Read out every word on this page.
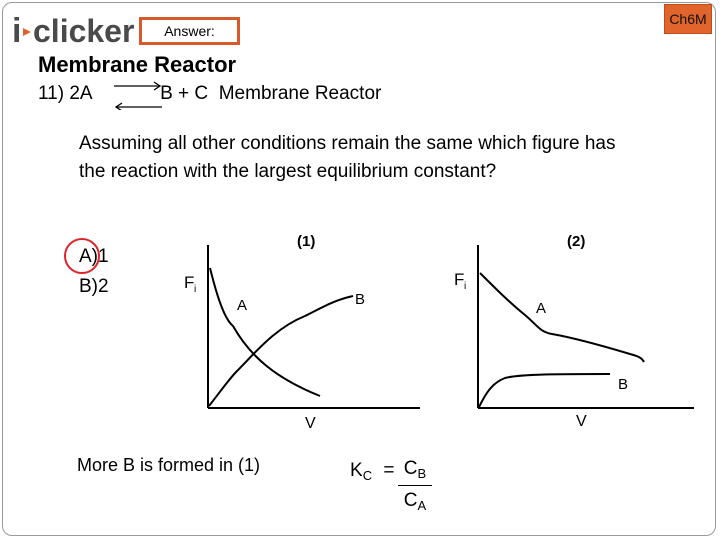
i clicker Answer:
Ch6M
Membrane Reactor
11) 2A	B + C Membrane Reactor
Assuming all other conditions remain the same which figure has the reaction with the largest equilibrium constant?
A)1
B)2
(1)
F i
V
A	B
(2)
F i
V
A
B
More B is formed in (1)	$K_C = C_B$
$C_A$
